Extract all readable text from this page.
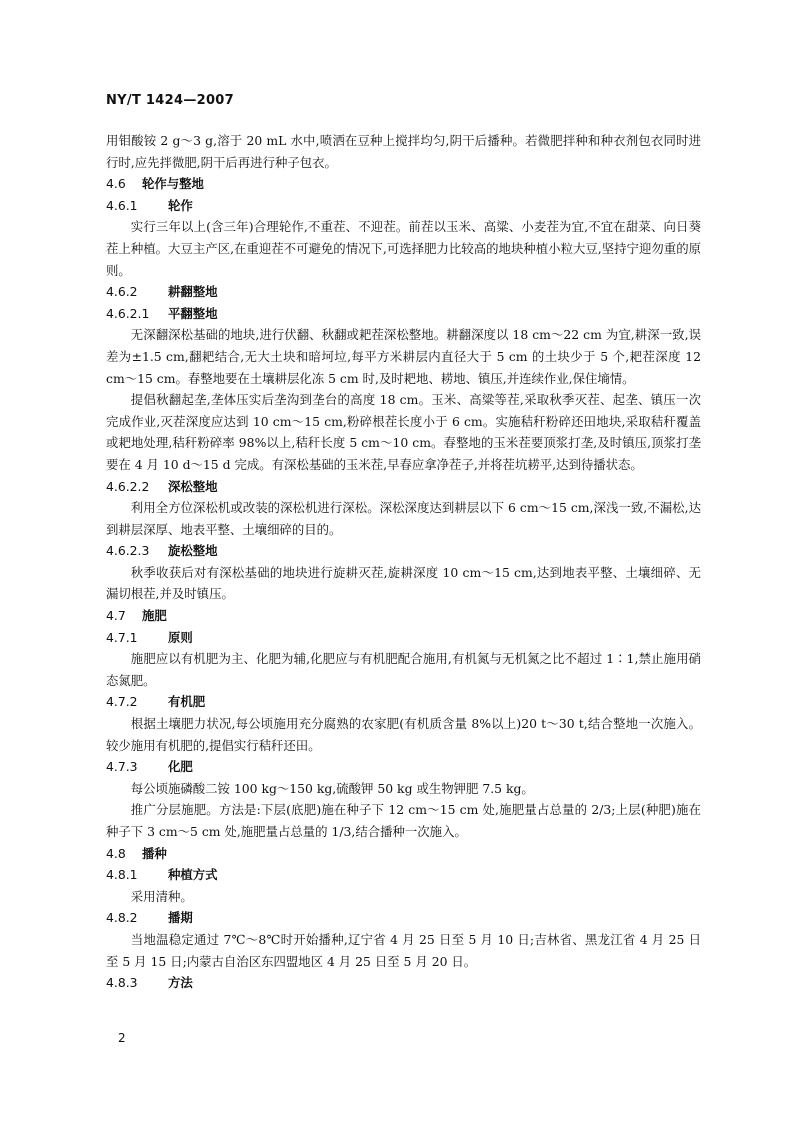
NY/T 1424—2007

用钼酸铵 2 g～3 g,溶于 20 mL 水中,喷洒在豆种上搅拌均匀,阴干后播种。若微肥拌种和种衣剂包衣同时进行时,应先拌微肥,阴干后再进行种子包衣。

4.6 轮作与整地
4.6.1 轮作

实行三年以上(含三年)合理轮作,不重茬、不迎茬。前茬以玉米、高粱、小麦茬为宜,不宜在甜菜、向日葵茬上种植。大豆主产区,在重迎茬不可避免的情况下,可选择肥力比较高的地块种植小粒大豆,坚持宁迎勿重的原则。

4.6.2 耕翻整地
4.6.2.1 平翻整地

无深翻深松基础的地块,进行伏翻、秋翻或耙茬深松整地。耕翻深度以 18 cm～22 cm 为宜,耕深一致,误差为±1.5 cm,翻耙结合,无大土块和暗坷垃,每平方米耕层内直径大于 5 cm 的土块少于 5 个,耙茬深度 12 cm～15 cm。春整地要在土壤耕层化冻 5 cm 时,及时耙地、耢地、镇压,并连续作业,保住墒情。

提倡秋翻起垄,垄体压实后垄沟到垄台的高度 18 cm。玉米、高粱等茬,采取秋季灭茬、起垄、镇压一次完成作业,灭茬深度应达到 10 cm～15 cm,粉碎根茬长度小于 6 cm。实施秸秆粉碎还田地块,采取秸秆覆盖或耙地处理,秸秆粉碎率 98%以上,秸秆长度 5 cm～10 cm。春整地的玉米茬要顶浆打垄,及时镇压,顶浆打垄要在 4 月 10 d～15 d 完成。有深松基础的玉米茬,早春应拿净茬子,并将茬坑耢平,达到待播状态。

4.6.2.2 深松整地

利用全方位深松机或改装的深松机进行深松。深松深度达到耕层以下 6 cm～15 cm,深浅一致,不漏松,达到耕层深厚、地表平整、土壤细碎的目的。

4.6.2.3 旋松整地

秋季收获后对有深松基础的地块进行旋耕灭茬,旋耕深度 10 cm～15 cm,达到地表平整、土壤细碎、无漏切根茬,并及时镇压。

4.7 施肥
4.7.1 原则

施肥应以有机肥为主、化肥为辅,化肥应与有机肥配合施用,有机氮与无机氮之比不超过 1∶1,禁止施用硝态氮肥。

4.7.2 有机肥

根据土壤肥力状况,每公顷施用充分腐熟的农家肥(有机质含量 8%以上)20 t～30 t,结合整地一次施入。较少施用有机肥的,提倡实行秸秆还田。

4.7.3 化肥

每公顷施磷酸二铵 100 kg～150 kg,硫酸钾 50 kg 或生物钾肥 7.5 kg。

推广分层施肥。方法是:下层(底肥)施在种子下 12 cm～15 cm 处,施肥量占总量的 2/3;上层(种肥)施在种子下 3 cm～5 cm 处,施肥量占总量的 1/3,结合播种一次施入。

4.8 播种
4.8.1 种植方式

采用清种。

4.8.2 播期

当地温稳定通过 7℃～8℃时开始播种,辽宁省 4 月 25 日至 5 月 10 日;吉林省、黑龙江省 4 月 25 日至 5 月 15 日;内蒙古自治区东四盟地区 4 月 25 日至 5 月 20 日。

4.8.3 方法
2
